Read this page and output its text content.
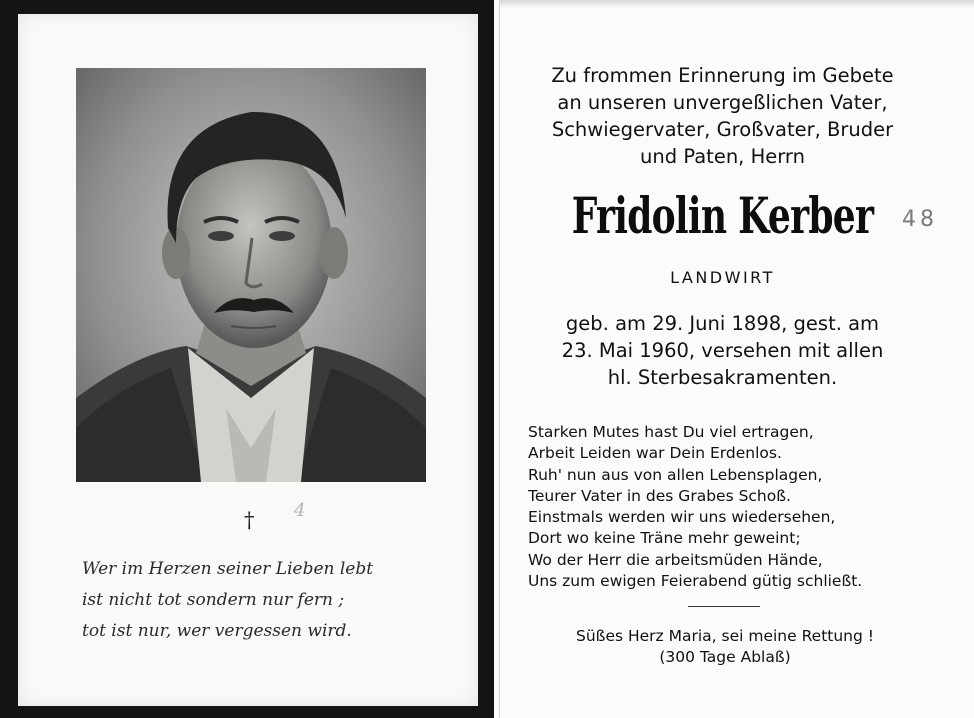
† 4
Wer im Herzen seiner Lieben lebt
ist nicht tot sondern nur fern ;
tot ist nur, wer vergessen wird.
Zu frommen Erinnerung im Gebete
an unseren unvergeßlichen Vater,
Schwiegervater, Großvater, Bruder
und Paten, Herrn
Fridolin Kerber	48
LANDWIRT
geb. am 29. Juni 1898, gest. am
23. Mai 1960, versehen mit allen
hl. Sterbesakramenten.
Starken Mutes hast Du viel ertragen,
Arbeit Leiden war Dein Erdenlos.
Ruh' nun aus von allen Lebensplagen,
Teurer Vater in des Grabes Schoß.
Einstmals werden wir uns wiedersehen,
Dort wo keine Träne mehr geweint;
Wo der Herr die arbeitsmüden Hände,
Uns zum ewigen Feierabend gütig schließt.
Süßes Herz Maria, sei meine Rettung !
(300 Tage Ablaß)
